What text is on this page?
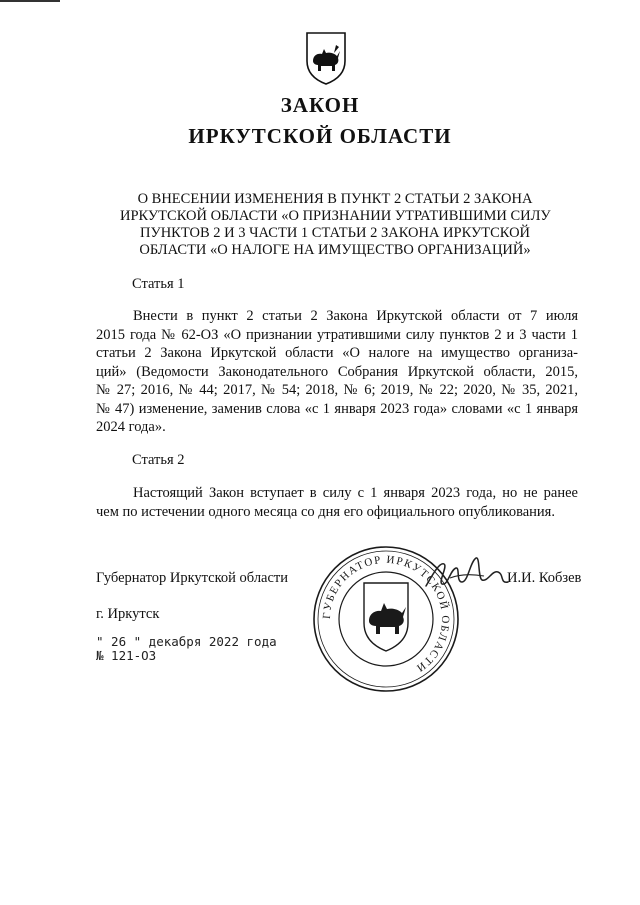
ЗАКОН
ИРКУТСКОЙ ОБЛАСТИ
О ВНЕСЕНИИ ИЗМЕНЕНИЯ В ПУНКТ 2 СТАТЬИ 2 ЗАКОНА
ИРКУТСКОЙ ОБЛАСТИ «О ПРИЗНАНИИ УТРАТИВШИМИ СИЛУ
ПУНКТОВ 2 И 3 ЧАСТИ 1 СТАТЬИ 2 ЗАКОНА ИРКУТСКОЙ
ОБЛАСТИ «О НАЛОГЕ НА ИМУЩЕСТВО ОРГАНИЗАЦИЙ»
Статья 1
Внести в пункт 2 статьи 2 Закона Иркутской области от 7 июля
2015 года № 62-ОЗ «О признании утратившими силу пунктов 2 и 3 части 1
статьи 2 Закона Иркутской области «О налоге на имущество организа-
ций» (Ведомости Законодательного Собрания Иркутской области, 2015,
№ 27; 2016, № 44; 2017, № 54; 2018, № 6; 2019, № 22; 2020, № 35, 2021,
№ 47) изменение, заменив слова «с 1 января 2023 года» словами «с 1 января
2024 года».
Статья 2
Настоящий Закон вступает в силу с 1 января 2023 года, но не ранее
чем по истечении одного месяца со дня его официального опубликования.
ГУБЕРНАТОР ИРКУТСКОЙ ОБЛАСТИ
Губернатор Иркутской области	И.И. Кобзев
г. Иркутск
" 26 " декабря 2022 года
№ 121-ОЗ
